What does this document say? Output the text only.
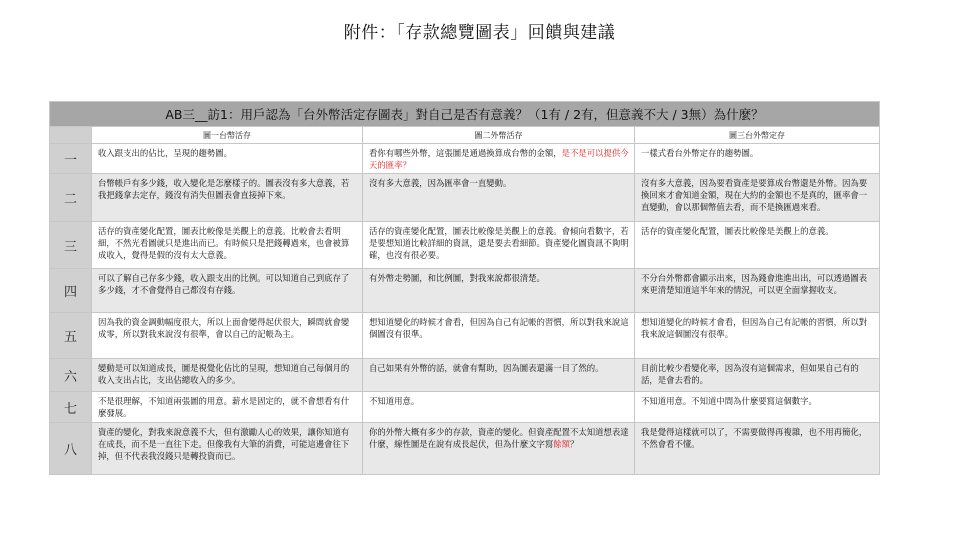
附件：「存款總覽圖表」回饋與建議
AB三__訪1：用戶認為「台外幣活定存圖表」對自己是否有意義？（1有 / 2有，但意義不大 / 3無）為什麼？			
	圖一台幣活存	圖二外幣活存	圖三台外幣定存
一	收入跟支出的佔比，呈現的趨勢圖。	看你有哪些外幣，這張圖是通過換算成台幣的金額，是不是可以提供今天的匯率？	一樣式看台外幣定存的趨勢圖。
二	台幣帳戶有多少錢，收入變化是怎麼樣子的。圖表沒有多大意義，若我把錢拿去定存，錢沒有消失但圖表會直接掉下來。	沒有多大意義，因為匯率會一直變動。	沒有多大意義，因為要看資產是要算成台幣還是外幣。因為要換回來才會知道金額，現在大約的金額也不是真的，匯率會一直變動，會以那個幣值去看，而不是換匯過來看。
三	活存的資產變化配置，圖表比較像是美觀上的意義。比較會去看明細，不然光看圖就只是進出而已。有時候只是把錢轉過來，也會被算成收入，覺得是假的沒有太大意義。	活存的資產變化配置，圖表比較像是美觀上的意義。會傾向看數字，若是要想知道比較詳細的資訊，還是要去看細節。資產變化圖資訊不夠明確，也沒有很必要。	活存的資產變化配置，圖表比較像是美觀上的意義。
四	可以了解自己存多少錢，收入跟支出的比例。可以知道自己到底存了多少錢，才不會覺得自己都沒有存錢。	有外幣走勢圖，和比例圖，對我來說都很清楚。	不分台外幣都會顯示出來，因為錢會進進出出，可以透過圖表來更清楚知道這半年來的情況，可以更全面掌握收支。
五	因為我的資金調動幅度很大，所以上面會變得起伏很大，瞬間就會變成零，所以對我來說沒有很準，會以自己的記帳為主。	想知道變化的時候才會看，但因為自己有記帳的習慣，所以對我來說這個圖沒有很準。	想知道變化的時候才會看，但因為自己有記帳的習慣，所以對我來說這個圖沒有很準。
六	變動是可以知道成長，圖是視覺化佔比的呈現，想知道自己每個月的收入支出占比，支出佔總收入的多少。	自己如果有外幣的話，就會有幫助，因為圖表還滿一目了然的。	目前比較少看變化率，因為沒有這個需求，但如果自己有的話，是會去看的。
七	不是很理解，不知道兩張圖的用意。薪水是固定的，就不會想看有什麼發展。	不知道用意。	不知道用意。不知道中間為什麼要寫這個數字。
八	資產的變化，對我來說意義不大，但有激勵人心的效果，讓你知道有在成長，而不是一直往下走。但像我有大筆的消費，可能這邊會往下掉，但不代表我沒錢只是轉投資而已。	你的外幣大概有多少的存款，資產的變化。但資產配置不太知道想表達什麼，線性圖是在說有成長起伏，但為什麼文字寫餘額？	我是覺得這樣就可以了，不需要做得再複雜，也不用再簡化，不然會看不懂。
